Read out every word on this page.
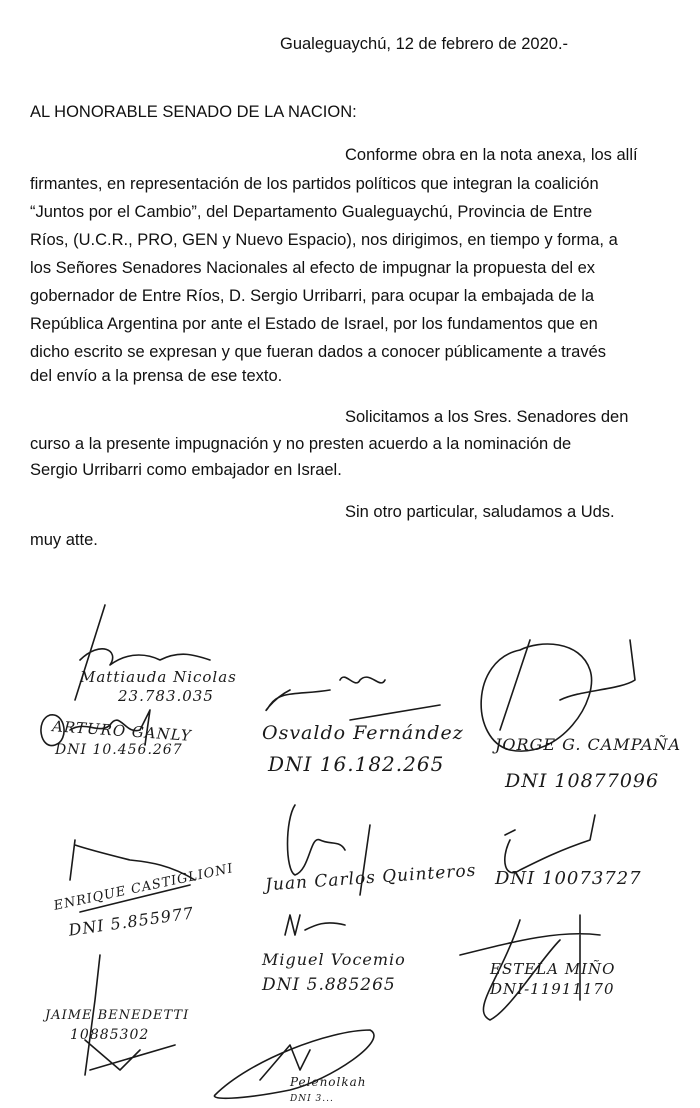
Gualeguaychú, 12 de febrero de 2020.-
AL HONORABLE SENADO DE LA NACION:
Conforme obra en la nota anexa, los allí
firmantes, en representación de los partidos políticos que integran la coalición
“Juntos por el Cambio”, del Departamento Gualeguaychú, Provincia de Entre
Ríos, (U.C.R., PRO, GEN y Nuevo Espacio), nos dirigimos, en tiempo y forma, a
los Señores Senadores Nacionales al efecto de impugnar la propuesta del ex
gobernador de Entre Ríos, D. Sergio Urribarri, para ocupar la embajada de la
República Argentina por ante el Estado de Israel, por los fundamentos que en
dicho escrito se expresan y que fueran dados a conocer públicamente a través
del envío a la prensa de ese texto.
Solicitamos a los Sres. Senadores den
curso a la presente impugnación y no presten acuerdo a la nominación de
Sergio Urribarri como embajador en Israel.
Sin otro particular, saludamos a Uds.
muy atte.
Mattiauda Nicolas
23.783.035
ARTURO GANLY
DNI 10.456.267
Osvaldo Fernández
DNI 16.182.265
JORGE G. CAMPAÑA
DNI 10877096
ENRIQUE CASTIGLIONI
DNI 5.855977
Juan Carlos Quinteros DNI 10073727
Miguel Vocemio
DNI 5.885265
ESTELA MIÑO
DNI-11911170
JAIME BENEDETTI
10885302
Pelenolkah
DNI 3...
